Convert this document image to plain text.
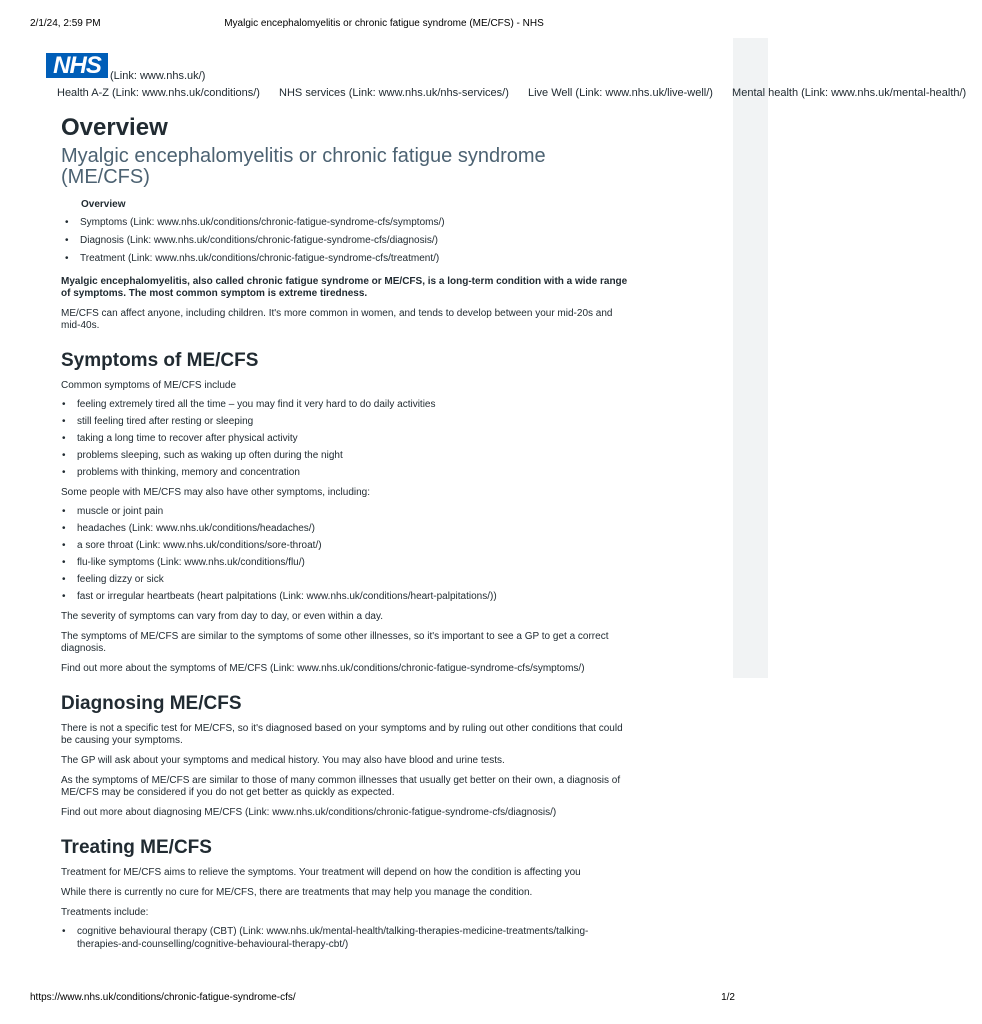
2/1/24, 2:59 PM	Myalgic encephalomyelitis or chronic fatigue syndrome (ME/CFS) - NHS
NHS (Link: www.nhs.uk/)
Health A-Z (Link: www.nhs.uk/conditions/) NHS services (Link: www.nhs.uk/nhs-services/) Live Well (Link: www.nhs.uk/live-well/) Mental health (Link: www.nhs.uk/mental-health/)
Overview
Myalgic encephalomyelitis or chronic fatigue syndrome (ME/CFS)
Overview
• Symptoms (Link: www.nhs.uk/conditions/chronic-fatigue-syndrome-cfs/symptoms/)
• Diagnosis (Link: www.nhs.uk/conditions/chronic-fatigue-syndrome-cfs/diagnosis/)
• Treatment (Link: www.nhs.uk/conditions/chronic-fatigue-syndrome-cfs/treatment/)

Myalgic encephalomyelitis, also called chronic fatigue syndrome or ME/CFS, is a long-term condition with a wide range of symptoms. The most common symptom is extreme tiredness.

ME/CFS can affect anyone, including children. It's more common in women, and tends to develop between your mid-20s and mid-40s.

Symptoms of ME/CFS

Common symptoms of ME/CFS include

• feeling extremely tired all the time – you may find it very hard to do daily activities
• still feeling tired after resting or sleeping
• taking a long time to recover after physical activity
• problems sleeping, such as waking up often during the night
• problems with thinking, memory and concentration

Some people with ME/CFS may also have other symptoms, including:

• muscle or joint pain
• headaches (Link: www.nhs.uk/conditions/headaches/)
• a sore throat (Link: www.nhs.uk/conditions/sore-throat/)
• flu-like symptoms (Link: www.nhs.uk/conditions/flu/)
• feeling dizzy or sick
• fast or irregular heartbeats (heart palpitations (Link: www.nhs.uk/conditions/heart-palpitations/))

The severity of symptoms can vary from day to day, or even within a day.

The symptoms of ME/CFS are similar to the symptoms of some other illnesses, so it's important to see a GP to get a correct diagnosis.

Find out more about the symptoms of ME/CFS (Link: www.nhs.uk/conditions/chronic-fatigue-syndrome-cfs/symptoms/)

Diagnosing ME/CFS

There is not a specific test for ME/CFS, so it's diagnosed based on your symptoms and by ruling out other conditions that could be causing your symptoms.

The GP will ask about your symptoms and medical history. You may also have blood and urine tests.

As the symptoms of ME/CFS are similar to those of many common illnesses that usually get better on their own, a diagnosis of ME/CFS may be considered if you do not get better as quickly as expected.

Find out more about diagnosing ME/CFS (Link: www.nhs.uk/conditions/chronic-fatigue-syndrome-cfs/diagnosis/)

Treating ME/CFS

Treatment for ME/CFS aims to relieve the symptoms. Your treatment will depend on how the condition is affecting you

While there is currently no cure for ME/CFS, there are treatments that may help you manage the condition.

Treatments include:

• cognitive behavioural therapy (CBT) (Link: www.nhs.uk/mental-health/talking-therapies-medicine-treatments/talking-therapies-and-counselling/cognitive-behavioural-therapy-cbt/)
https://www.nhs.uk/conditions/chronic-fatigue-syndrome-cfs/	1/2
